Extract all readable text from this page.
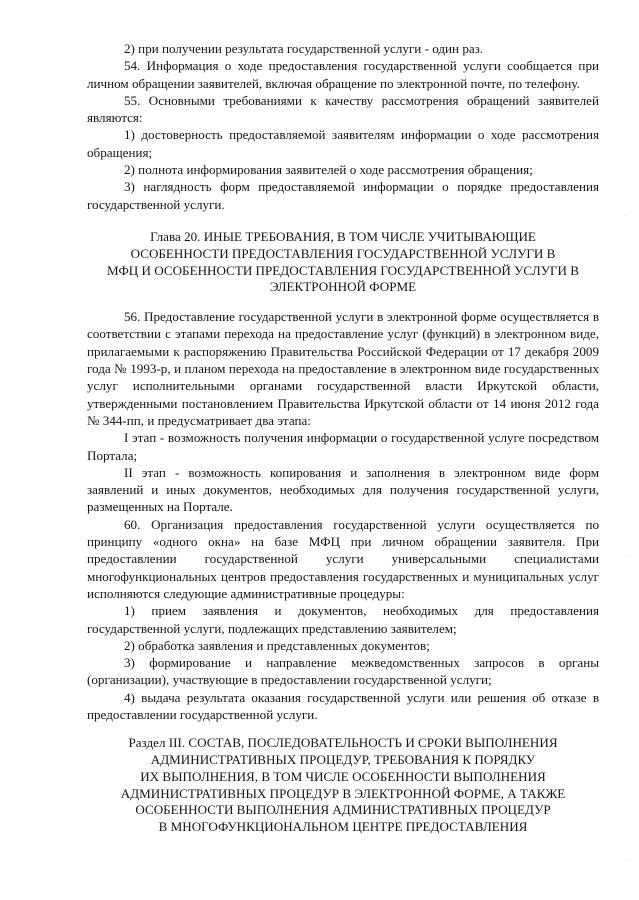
2) при получении результата государственной услуги - один раз.

54. Информация о ходе предоставления государственной услуги сообщается при личном обращении заявителей, включая обращение по электронной почте, по телефону.

55. Основными требованиями к качеству рассмотрения обращений заявителей являются:

1) достоверность предоставляемой заявителям информации о ходе рассмотрения обращения;

2) полнота информирования заявителей о ходе рассмотрения обращения;

3) наглядность форм предоставляемой информации о порядке предоставления государственной услуги.

Глава 20. ИНЫЕ ТРЕБОВАНИЯ, В ТОМ ЧИСЛЕ УЧИТЫВАЮЩИЕ
ОСОБЕННОСТИ ПРЕДОСТАВЛЕНИЯ ГОСУДАРСТВЕННОЙ УСЛУГИ В
МФЦ И ОСОБЕННОСТИ ПРЕДОСТАВЛЕНИЯ ГОСУДАРСТВЕННОЙ УСЛУГИ В
ЭЛЕКТРОННОЙ ФОРМЕ

56. Предоставление государственной услуги в электронной форме осуществляется в соответствии с этапами перехода на предоставление услуг (функций) в электронном виде, прилагаемыми к распоряжению Правительства Российской Федерации от 17 декабря 2009 года № 1993-р, и планом перехода на предоставление в электронном виде государственных услуг исполнительными органами государственной власти Иркутской области, утвержденными постановлением Правительства Иркутской области от 14 июня 2012 года № 344-пп, и предусматривает два этапа:

I этап - возможность получения информации о государственной услуге посредством Портала;

II этап - возможность копирования и заполнения в электронном виде форм заявлений и иных документов, необходимых для получения государственной услуги, размещенных на Портале.

60. Организация предоставления государственной услуги осуществляется по принципу «одного окна» на базе МФЦ при личном обращении заявителя. При предоставлении государственной услуги универсальными специалистами многофункциональных центров предоставления государственных и муниципальных услуг исполняются следующие административные процедуры:

1) прием заявления и документов, необходимых для предоставления государственной услуги, подлежащих представлению заявителем;

2) обработка заявления и представленных документов;

3) формирование и направление межведомственных запросов в органы (организации), участвующие в предоставлении государственной услуги;

4) выдача результата оказания государственной услуги или решения об отказе в предоставлении государственной услуги.

Раздел III. СОСТАВ, ПОСЛЕДОВАТЕЛЬНОСТЬ И СРОКИ ВЫПОЛНЕНИЯ
АДМИНИСТРАТИВНЫХ ПРОЦЕДУР, ТРЕБОВАНИЯ К ПОРЯДКУ
ИХ ВЫПОЛНЕНИЯ, В ТОМ ЧИСЛЕ ОСОБЕННОСТИ ВЫПОЛНЕНИЯ
АДМИНИСТРАТИВНЫХ ПРОЦЕДУР В ЭЛЕКТРОННОЙ ФОРМЕ, А ТАКЖЕ
ОСОБЕННОСТИ ВЫПОЛНЕНИЯ АДМИНИСТРАТИВНЫХ ПРОЦЕДУР
В МНОГОФУНКЦИОНАЛЬНОМ ЦЕНТРЕ ПРЕДОСТАВЛЕНИЯ
